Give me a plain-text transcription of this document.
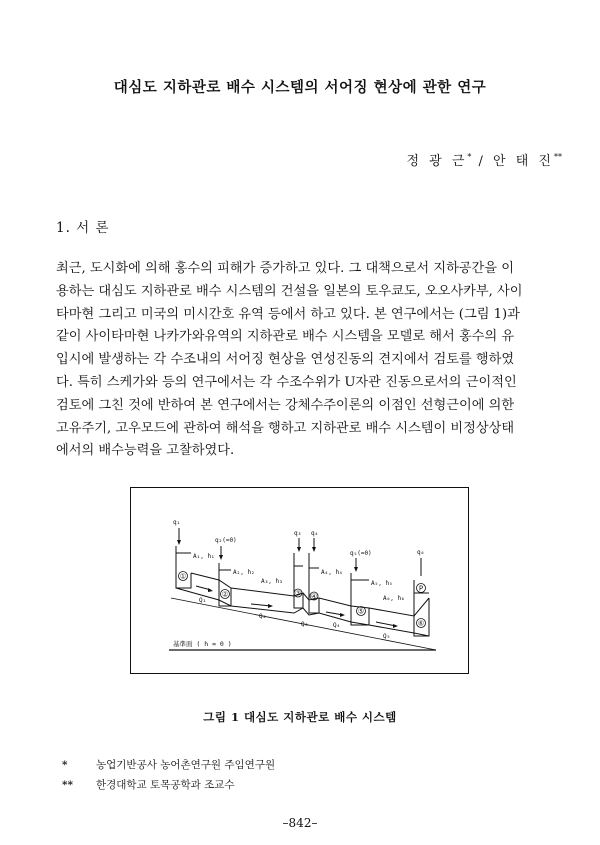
대심도 지하관로 배수 시스템의 서어징 현상에 관한 연구
정 광 근* / 안 태 진**
1. 서 론
최근, 도시화에 의해 홍수의 피해가 증가하고 있다. 그 대책으로서 지하공간을 이
용하는 대심도 지하관로 배수 시스템의 건설을 일본의 토우쿄도, 오오사카부, 사이
타마현 그리고 미국의 미시간호 유역 등에서 하고 있다. 본 연구에서는 (그림 1)과
같이 사이타마현 나카가와유역의 지하관로 배수 시스템을 모델로 해서 홍수의 유
입시에 발생하는 각 수조내의 서어징 현상을 연성진동의 견지에서 검토를 행하였
다. 특히 스케가와 등의 연구에서는 각 수조수위가 U자관 진동으로서의 근이적인
검토에 그친 것에 반하여 본 연구에서는 강체수주이론의 이점인 선형근이에 의한
고유주기, 고우모드에 관하여 해석을 행하고 지하관로 배수 시스템이 비정상상태
에서의 배수능력을 고찰하였다.
①
②	③ ④
⑤
⑥
P
q₁
q₂(=0)
q₃ q₄
q₅(=0)	q₆
A₁, h₁
A₂, h₂
A₃, h₃
A₄, h₄
A₅, h₅
A₆, h₆
Q₁
Q₂
Q₃	Q₄
Q₅
基準面 ( h = 0 )
그림 1 대심도 지하관로 배수 시스템
*	농업기반공사 농어촌연구원 주임연구원
** 한경대학교 토목공학과 조교수
–842–
